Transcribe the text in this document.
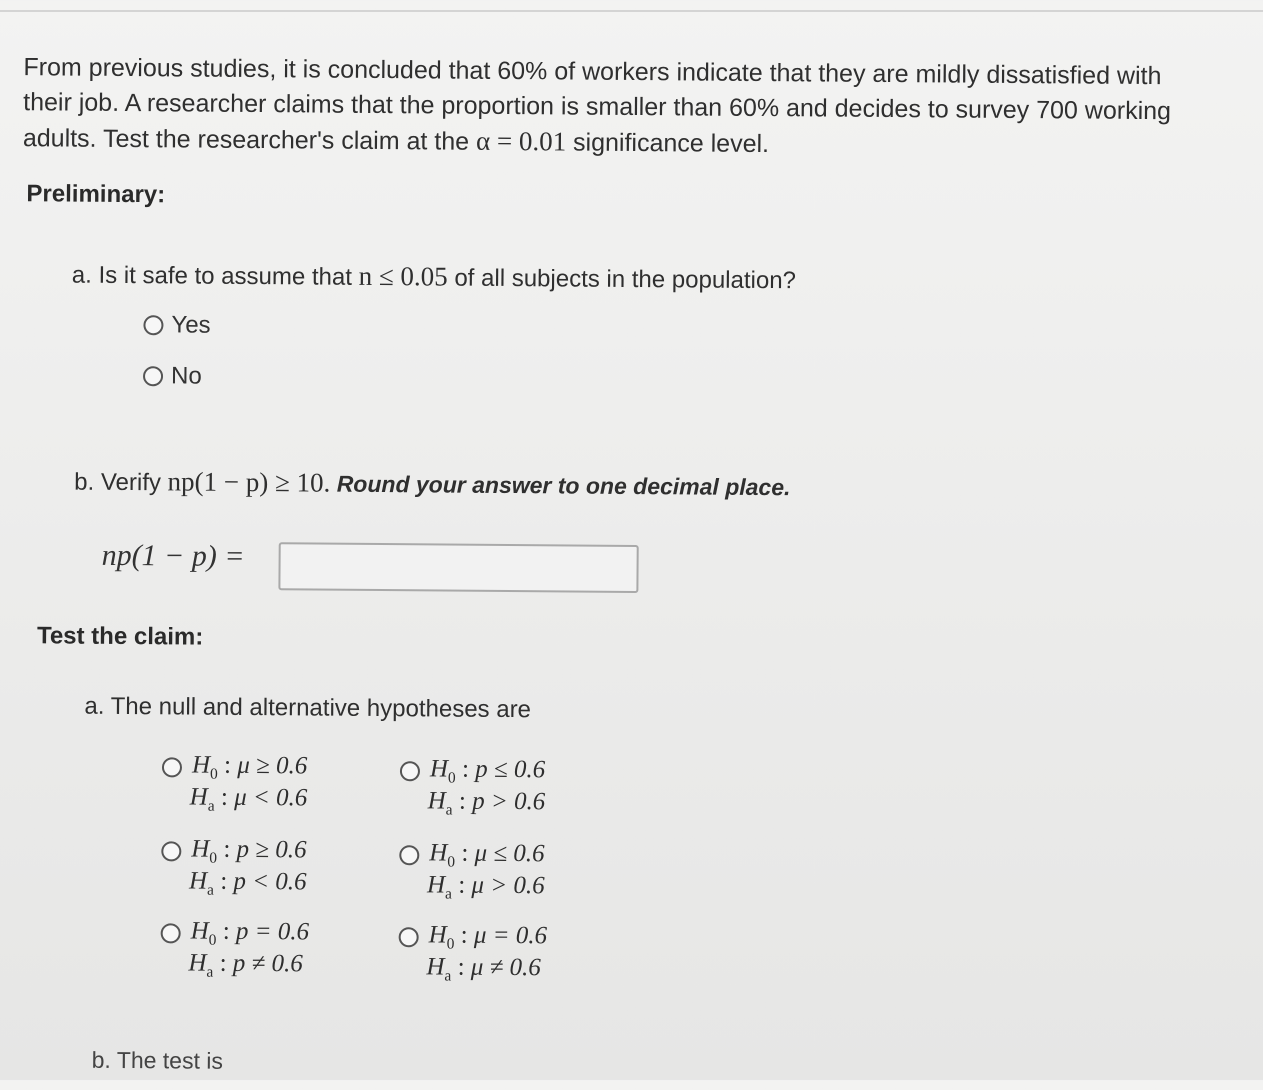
From previous studies, it is concluded that 60% of workers indicate that they are mildly dissatisfied with
their job. A researcher claims that the proportion is smaller than 60% and decides to survey 700 working
adults. Test the researcher's claim at the α = 0.01 significance level.
Preliminary:
a. Is it safe to assume that n ≤ 0.05 of all subjects in the population?
Yes
No
b. Verify np(1 − p) ≥ 10. Round your answer to one decimal place.
np(1 − p) =
Test the claim:
a. The null and alternative hypotheses are
$H_0$ : μ ≥ 0.6
$H_a$ : μ < 0.6
$H_0$ : p ≥ 0.6
$H_a$ : p < 0.6
$H_0$ : p = 0.6
$H_a$ : p ≠ 0.6
$H_0$ : p ≤ 0.6
$H_a$ : p > 0.6
$H_0$ : μ ≤ 0.6
$H_a$ : μ > 0.6
$H_0$ : μ = 0.6
$H_a$ : μ ≠ 0.6
b. The test is
